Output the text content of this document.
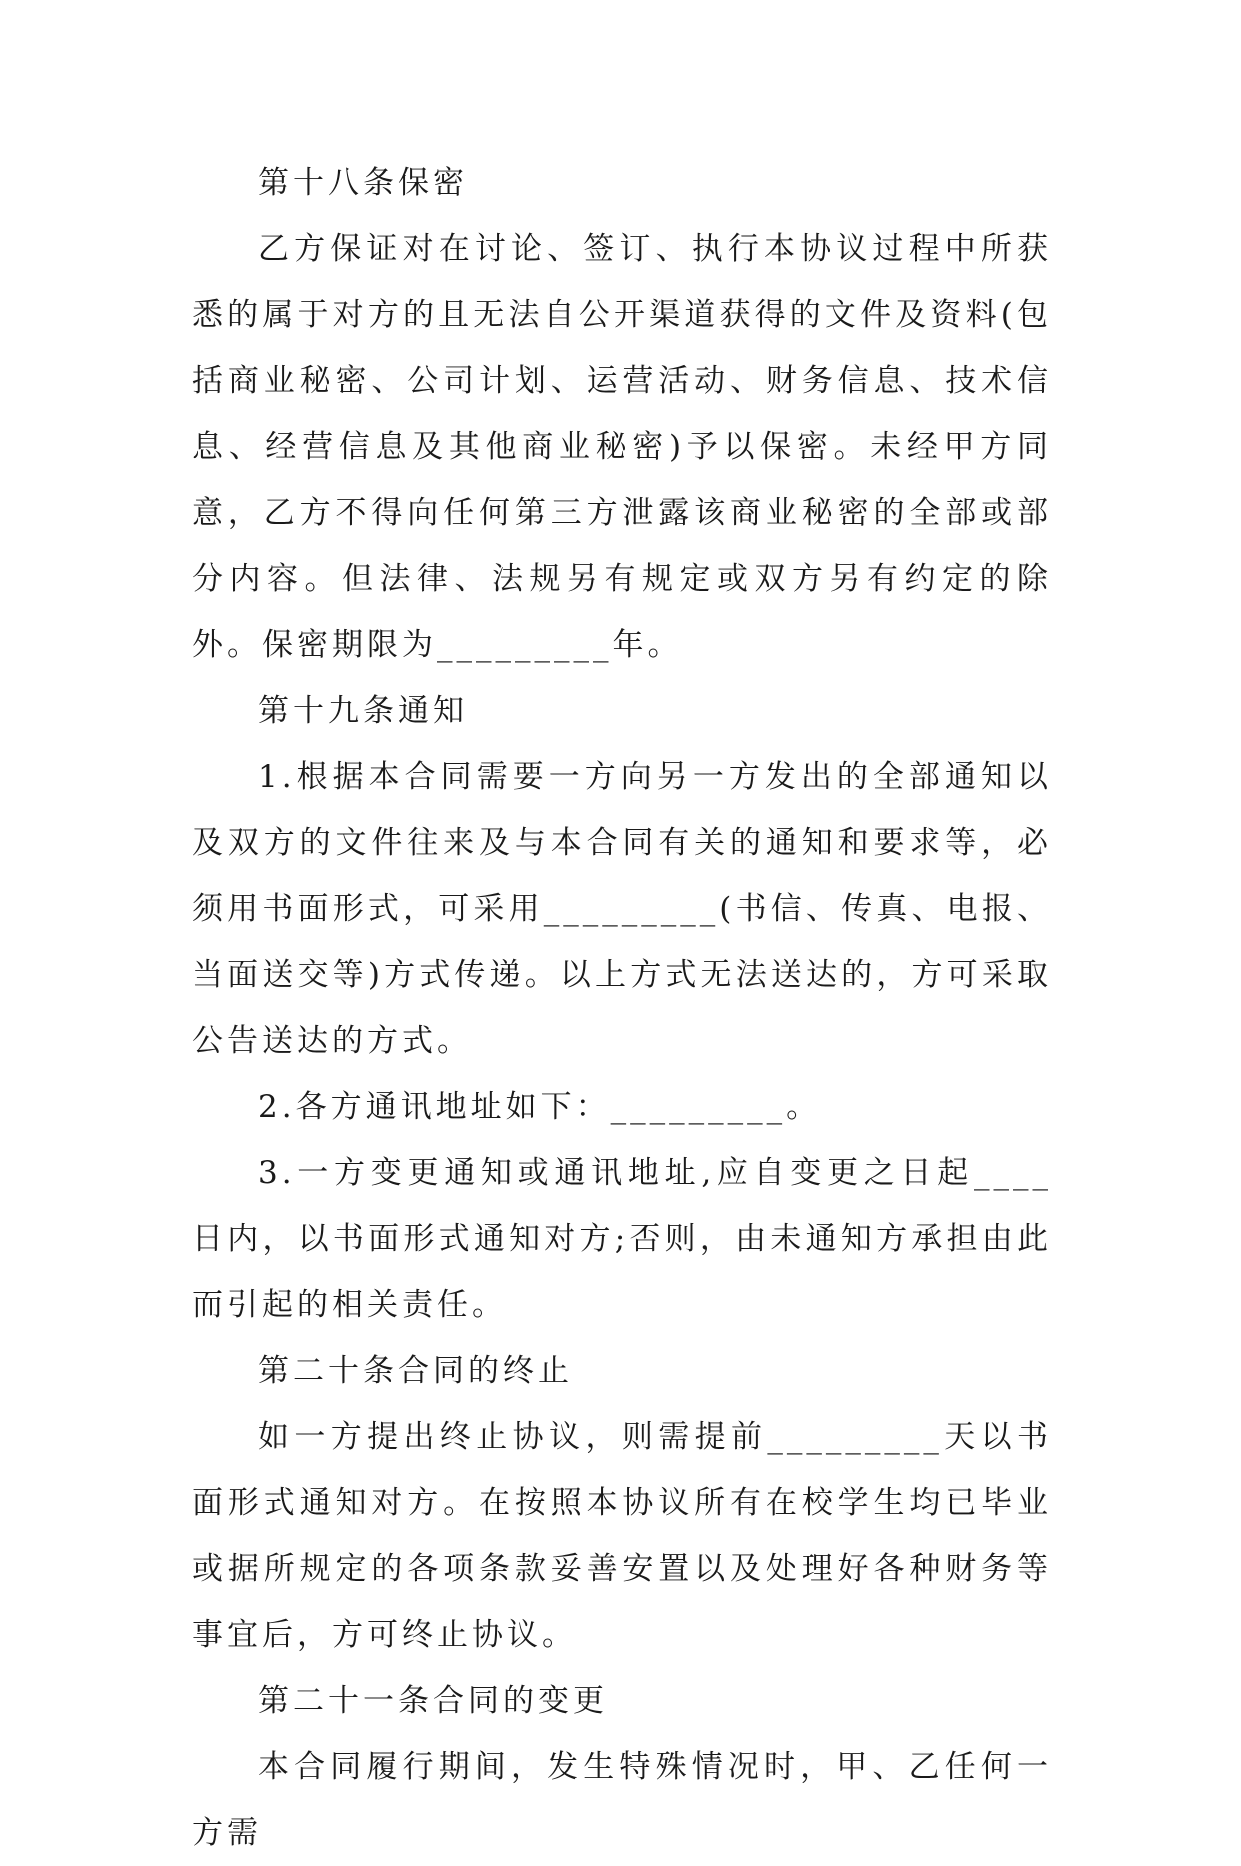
第十八条保密

乙方保证对在讨论、签订、执行本协议过程中所获悉的属于对方的且无法自公开渠道获得的文件及资料(包括商业秘密、公司计划、运营活动、财务信息、技术信息、经营信息及其他商业秘密)予以保密。未经甲方同意，乙方不得向任何第三方泄露该商业秘密的全部或部分内容。但法律、法规另有规定或双方另有约定的除外。保密期限为_________年。

第十九条通知

1.根据本合同需要一方向另一方发出的全部通知以及双方的文件往来及与本合同有关的通知和要求等，必须用书面形式，可采用_________(书信、传真、电报、当面送交等)方式传递。以上方式无法送达的，方可采取公告送达的方式。

2.各方通讯地址如下：_________。

3.一方变更通知或通讯地址,应自变更之日起____日内，以书面形式通知对方;否则，由未通知方承担由此而引起的相关责任。

第二十条合同的终止

如一方提出终止协议，则需提前_________天以书面形式通知对方。在按照本协议所有在校学生均已毕业或据所规定的各项条款妥善安置以及处理好各种财务等事宜后，方可终止协议。

第二十一条合同的变更

本合同履行期间，发生特殊情况时，甲、乙任何一方需
